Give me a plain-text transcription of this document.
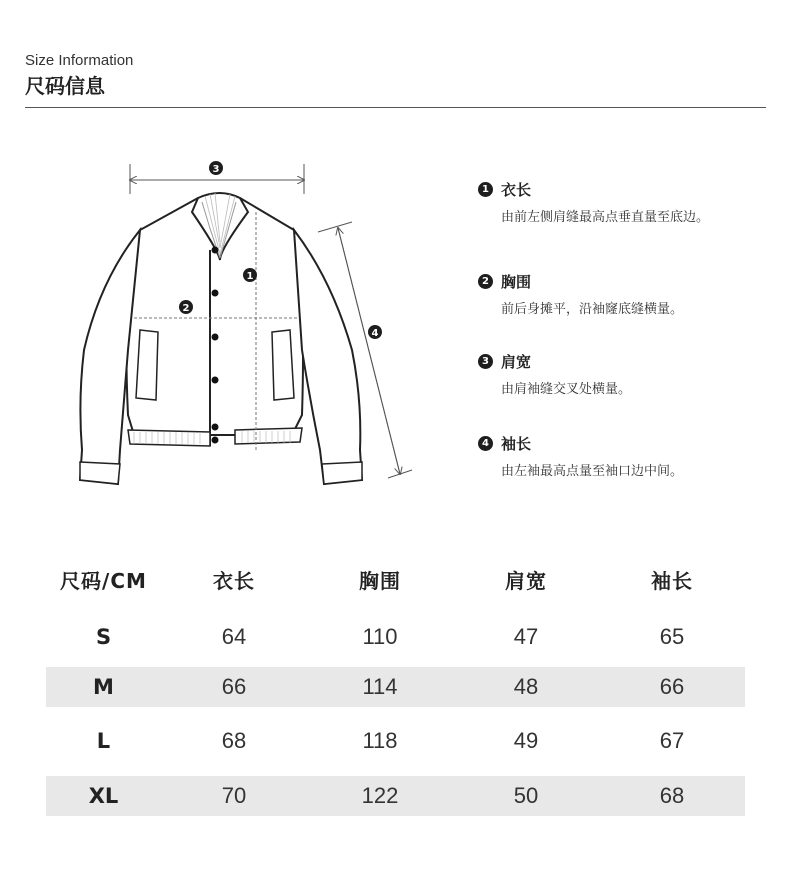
Size Information
尺码信息
3
1
2
4
1 衣长
由前左侧肩缝最高点垂直量至底边。
2 胸围
前后身摊平，沿袖窿底缝横量。
3 肩宽
由肩袖缝交叉处横量。
4 袖长
由左袖最高点量至袖口边中间。
尺码/CM	衣长	胸围	肩宽	袖长
S	64	110	47	65
M	66	114	48	66
L	68	118	49	67
XL	70	122	50	68
